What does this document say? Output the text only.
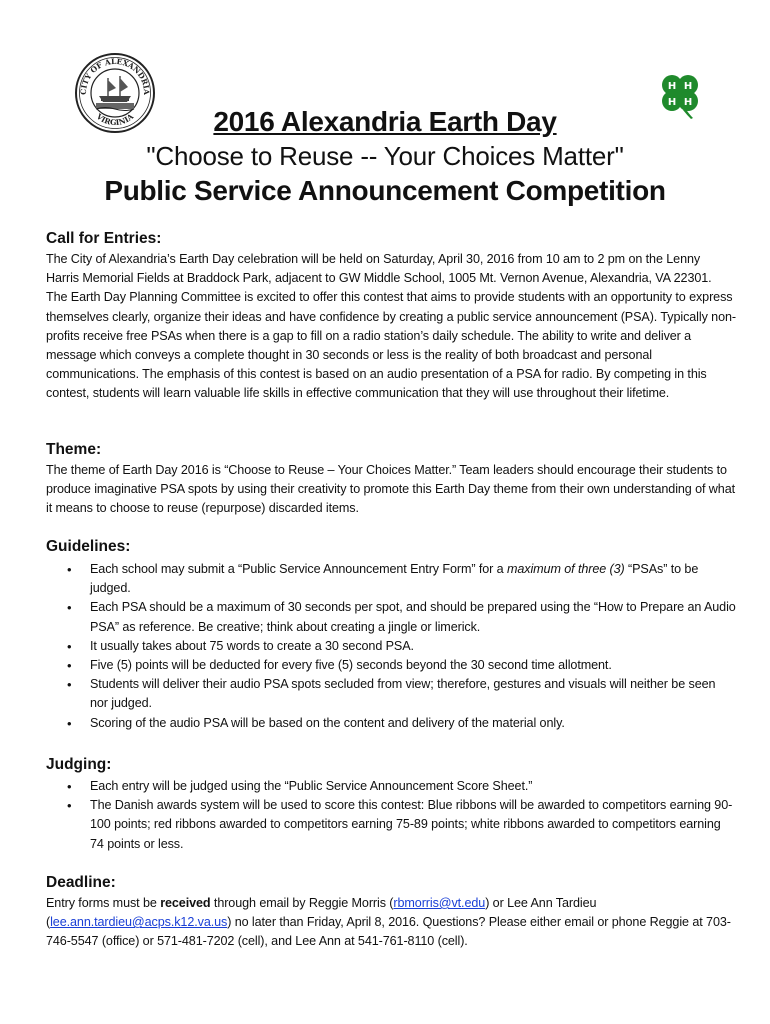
CITY OF ALEXANDRIA
VIRGINIA
H H
H H
2016 Alexandria Earth Day
"Choose to Reuse -- Your Choices Matter"
Public Service Announcement Competition
Call for Entries:
The City of Alexandria’s Earth Day celebration will be held on Saturday, April 30, 2016 from 10 am to 2 pm on the Lenny Harris Memorial Fields at Braddock Park, adjacent to GW Middle School, 1005 Mt. Vernon Avenue, Alexandria, VA 22301. The Earth Day Planning Committee is excited to offer this contest that aims to provide students with an opportunity to express themselves clearly, organize their ideas and have confidence by creating a public service announcement (PSA). Typically non-profits receive free PSAs when there is a gap to fill on a radio station’s daily schedule. The ability to write and deliver a message which conveys a complete thought in 30 seconds or less is the reality of both broadcast and personal communications. The emphasis of this contest is based on an audio presentation of a PSA for radio. By competing in this contest, students will learn valuable life skills in effective communication that they will use throughout their lifetime.
Theme:
The theme of Earth Day 2016 is “Choose to Reuse – Your Choices Matter.” Team leaders should encourage their students to produce imaginative PSA spots by using their creativity to promote this Earth Day theme from their own understanding of what it means to choose to reuse (repurpose) discarded items.
Guidelines:
• Each school may submit a “Public Service Announcement Entry Form” for a maximum of three (3) “PSAs” to be judged.
• Each PSA should be a maximum of 30 seconds per spot, and should be prepared using the “How to Prepare an Audio PSA” as reference. Be creative; think about creating a jingle or limerick.
• It usually takes about 75 words to create a 30 second PSA.
• Five (5) points will be deducted for every five (5) seconds beyond the 30 second time allotment.
• Students will deliver their audio PSA spots secluded from view; therefore, gestures and visuals will neither be seen nor judged.
• Scoring of the audio PSA will be based on the content and delivery of the material only.
Judging:
• Each entry will be judged using the “Public Service Announcement Score Sheet.”
• The Danish awards system will be used to score this contest: Blue ribbons will be awarded to competitors earning 90-100 points; red ribbons awarded to competitors earning 75-89 points; white ribbons awarded to competitors earning 74 points or less.
Deadline:
Entry forms must be received through email by Reggie Morris (rbmorris@vt.edu) or Lee Ann Tardieu (lee.ann.tardieu@acps.k12.va.us) no later than Friday, April 8, 2016. Questions? Please either email or phone Reggie at 703-746-5547 (office) or 571-481-7202 (cell), and Lee Ann at 541-761-8110 (cell).
